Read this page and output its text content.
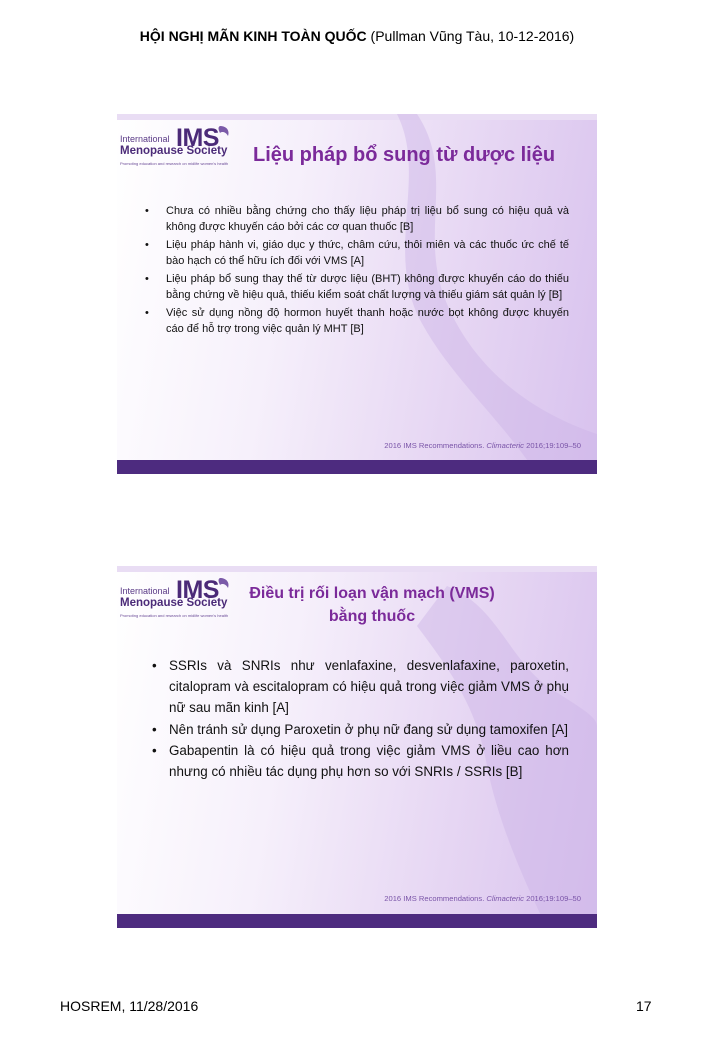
HỘI NGHỊ MÃN KINH TOÀN QUỐC (Pullman Vũng Tàu, 10-12-2016)
International IMS
Menopause Society
Promoting education and research on midlife women's health Liệu pháp bổ sung từ dược liệu
• Chưa có nhiều bằng chứng cho thấy liệu pháp trị liệu bổ sung có hiệu quả và không được khuyến cáo bởi các cơ quan thuốc [B]
• Liệu pháp hành vi, giáo dục y thức, châm cứu, thôi miên và các thuốc ức chế tế bào hạch có thể hữu ích đối với VMS [A]
• Liệu pháp bổ sung thay thế từ dược liệu (BHT) không được khuyến cáo do thiếu bằng chứng về hiệu quả, thiếu kiểm soát chất lượng và thiếu giám sát quản lý [B]
• Việc sử dụng nồng độ hormon huyết thanh hoặc nước bọt không được khuyến cáo để hỗ trợ trong việc quản lý MHT [B]
2016 IMS Recommendations. Climacteric 2016;19:109–50
International IMS
Menopause Society
Promoting education and research on midlife women's health
Điều trị rối loạn vận mạch (VMS) bằng thuốc
• SSRIs và SNRIs như venlafaxine, desvenlafaxine, paroxetin, citalopram và escitalopram có hiệu quả trong việc giảm VMS ở phụ nữ sau mãn kinh [A]
• Nên tránh sử dụng Paroxetin ở phụ nữ đang sử dụng tamoxifen [A]
• Gabapentin là có hiệu quả trong việc giảm VMS ở liều cao hơn nhưng có nhiều tác dụng phụ hơn so với SNRIs / SSRIs [B]
2016 IMS Recommendations. Climacteric 2016;19:109–50
HOSREM, 11/28/2016	17
